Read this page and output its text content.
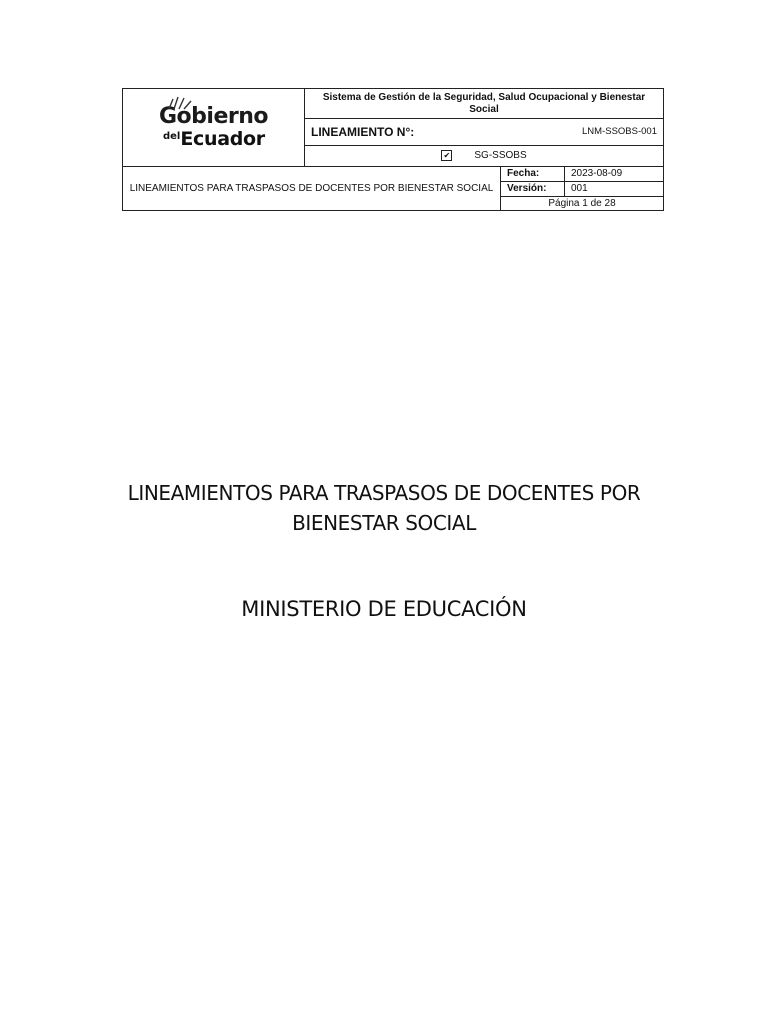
Gobierno
delEcuador	Sistema de Gestión de la Seguridad, Salud Ocupacional y Bienestar Social		

	LINEAMIENTO N°: LNM-SSOBS-001		

	✔ SG-SSOBS		
LINEAMIENTOS PARA TRASPASOS DE DOCENTES POR BIENESTAR SOCIAL		Fecha:	2023-08-09
		Versión:	001
		Página 1 de 28	
LINEAMIENTOS PARA TRASPASOS DE DOCENTES POR
BIENESTAR SOCIAL
MINISTERIO DE EDUCACIÓN
